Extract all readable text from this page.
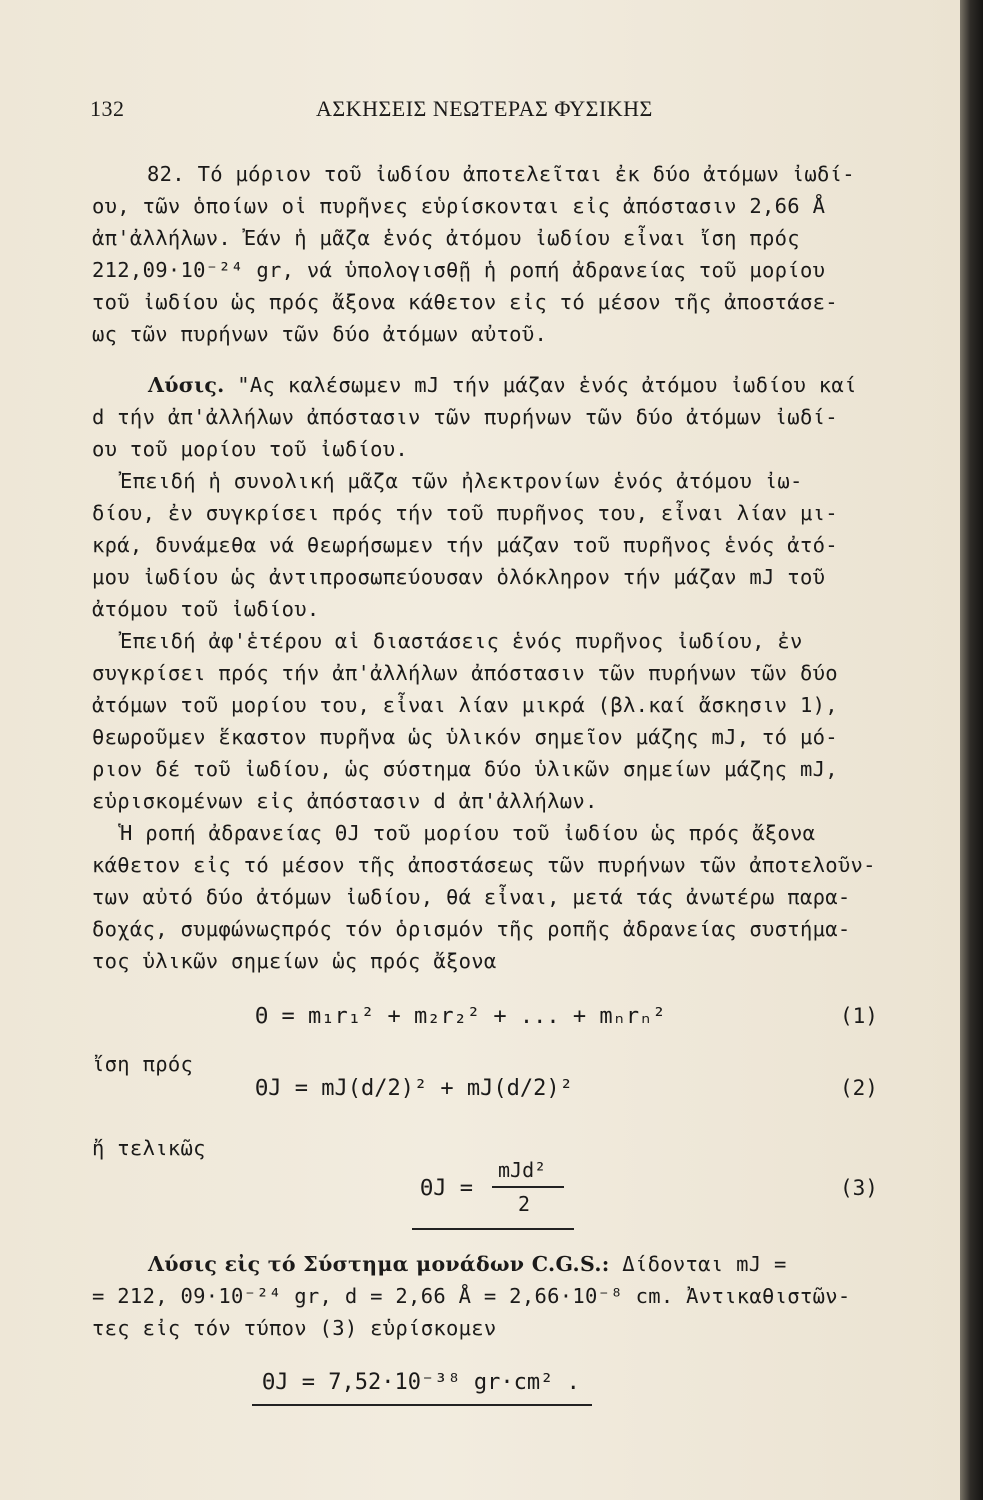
132	ΑΣΚΗΣΕΙΣ ΝΕΩΤΕΡΑΣ ΦΥΣΙΚΗΣ
82. Τό μόριον τοῦ ἰωδίου ἀποτελεῖται ἐκ δύο ἀτόμων ἰωδί-
ου, τῶν ὁποίων οἱ πυρῆνες εὑρίσκονται εἰς ἀπόστασιν 2,66 Å
ἀπ'ἀλλήλων. Ἐάν ἡ μᾶζα ἑνός ἀτόμου ἰωδίου εἶναι ἴση πρός
212,09·10⁻²⁴ gr, νά ὑπολογισθῇ ἡ ροπή ἀδρανείας τοῦ μορίου
τοῦ ἰωδίου ὡς πρός ἄξονα κάθετον εἰς τό μέσον τῆς ἀποστάσε-
ως τῶν πυρήνων τῶν δύο ἀτόμων αὐτοῦ.
Λύσις. "Ας καλέσωμεν mJ τήν μάζαν ἑνός ἀτόμου ἰωδίου καί
d τήν ἀπ'ἀλλήλων ἀπόστασιν τῶν πυρήνων τῶν δύο ἀτόμων ἰωδί-
ου τοῦ μορίου τοῦ ἰωδίου.
Ἐπειδή ἡ συνολική μᾶζα τῶν ἠλεκτρονίων ἑνός ἀτόμου ἰω-
δίου, ἐν συγκρίσει πρός τήν τοῦ πυρῆνος του, εἶναι λίαν μι-
κρά, δυνάμεθα νά θεωρήσωμεν τήν μάζαν τοῦ πυρῆνος ἑνός ἀτό-
μου ἰωδίου ὡς ἀντιπροσωπεύουσαν ὁλόκληρον τήν μάζαν mJ τοῦ
ἀτόμου τοῦ ἰωδίου.
Ἐπειδή ἀφ'ἑτέρου αἱ διαστάσεις ἑνός πυρῆνος ἰωδίου, ἐν
συγκρίσει πρός τήν ἀπ'ἀλλήλων ἀπόστασιν τῶν πυρήνων τῶν δύο
ἀτόμων τοῦ μορίου του, εἶναι λίαν μικρά (βλ.καί ἄσκησιν 1),
θεωροῦμεν ἕκαστον πυρῆνα ὡς ὑλικόν σημεῖον μάζης mJ, τό μό-
ριον δέ τοῦ ἰωδίου, ὡς σύστημα δύο ὑλικῶν σημείων μάζης mJ,
εὑρισκομένων εἰς ἀπόστασιν d ἀπ'ἀλλήλων.
Ἡ ροπή ἀδρανείας ΘJ τοῦ μορίου τοῦ ἰωδίου ὡς πρός ἄξονα
κάθετον εἰς τό μέσον τῆς ἀποστάσεως τῶν πυρήνων τῶν ἀποτελοῦν-
των αὐτό δύο ἀτόμων ἰωδίου, θά εἶναι, μετά τάς ἀνωτέρω παρα-
δοχάς, συμφώνωςπρός τόν ὁρισμόν τῆς ροπῆς ἀδρανείας συστήμα-
τος ὑλικῶν σημείων ὡς πρός ἄξονα
Θ = m₁r₁² + m₂r₂² + ... + mₙrₙ²	(1)
ἴση πρός
ΘJ = mJ(d/2)² + mJ(d/2)²	(2)
ἤ τελικῶς
ΘJ =
mJd²
2
(3)
Λύσις εἰς τό Σύστημα μονάδων C.G.S.: Δίδονται mJ =
= 212, 09·10⁻²⁴ gr, d = 2,66 Å = 2,66·10⁻⁸ cm. Ἀντικαθιστῶν-
τες εἰς τόν τύπον (3) εὑρίσκομεν
ΘJ = 7,52·10⁻³⁸ gr·cm² .
